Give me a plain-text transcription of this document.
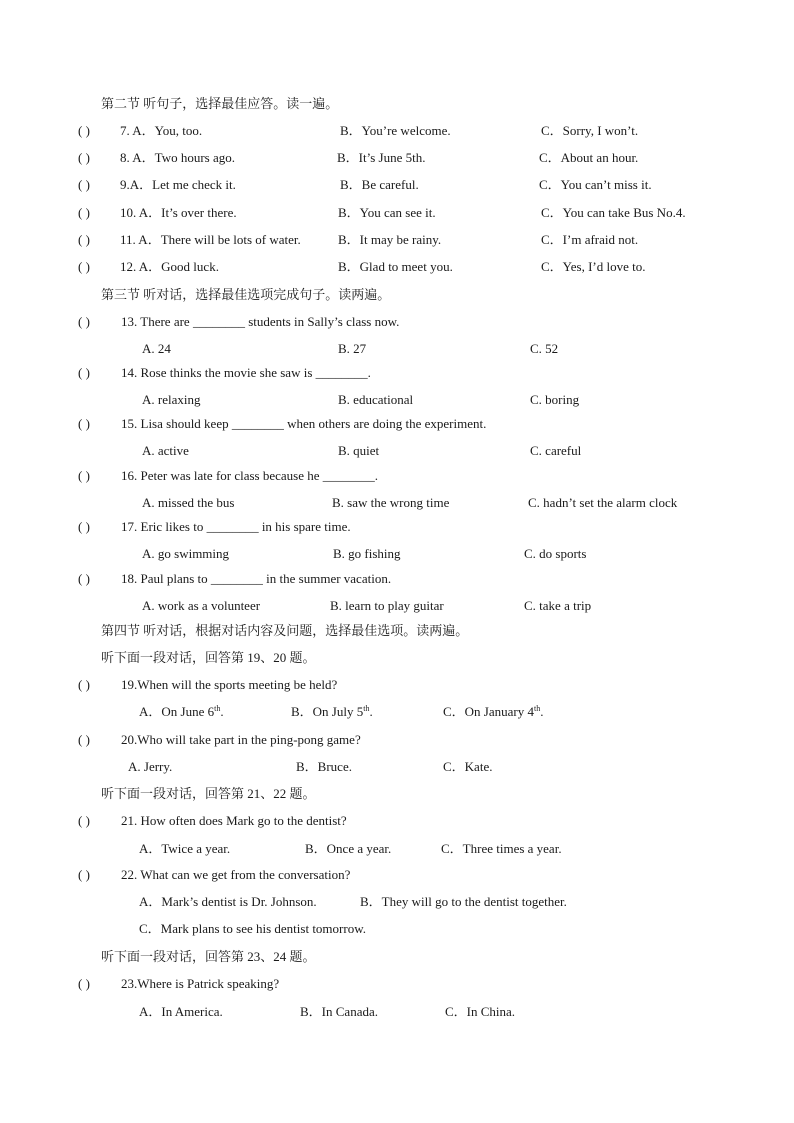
第二节 听句子，选择最佳应答。读一遍。
( ) 7. A．You, too.	B．You’re welcome.	C．Sorry, I won’t.
( ) 8. A．Two hours ago.	B．It’s June 5th.	C．About an hour.
( ) 9.A．Let me check it.	B．Be careful.	C．You can’t miss it.
( ) 10. A．It’s over there.	B．You can see it.	C．You can take Bus No.4.
( ) 11. A．There will be lots of water.	B．It may be rainy.	C．I’m afraid not.
( ) 12. A．Good luck.	B．Glad to meet you.	C．Yes, I’d love to.
第三节 听对话，选择最佳选项完成句子。读两遍。
( ) 13. There are ________ students in Sally’s class now.
A. 24	B. 27	C. 52
( ) 14. Rose thinks the movie she saw is ________.
A. relaxing	B. educational	C. boring
( ) 15. Lisa should keep ________ when others are doing the experiment.
A. active	B. quiet	C. careful
( ) 16. Peter was late for class because he ________.
A. missed the bus	B. saw the wrong time	C. hadn’t set the alarm clock
( ) 17. Eric likes to ________ in his spare time.
A. go swimming	B. go fishing	C. do sports
( ) 18. Paul plans to ________ in the summer vacation.
A. work as a volunteer	B. learn to play guitar	C. take a trip
第四节 听对话，根据对话内容及问题，选择最佳选项。读两遍。
听下面一段对话，回答第 19、20 题。
( ) 19.When will the sports meeting be held?
A．On June 6th.	B．On July 5th.	C．On January 4th.
( ) 20.Who will take part in the ping-pong game?
A. Jerry.	B．Bruce.	C．Kate.
听下面一段对话，回答第 21、22 题。
( ) 21. How often does Mark go to the dentist?
A．Twice a year.	B．Once a year.	C．Three times a year.
( ) 22. What can we get from the conversation?
A．Mark’s dentist is Dr. Johnson.	B．They will go to the dentist together.
C．Mark plans to see his dentist tomorrow.
听下面一段对话，回答第 23、24 题。
( ) 23.Where is Patrick speaking?
A．In America.	B．In Canada.	C．In China.
